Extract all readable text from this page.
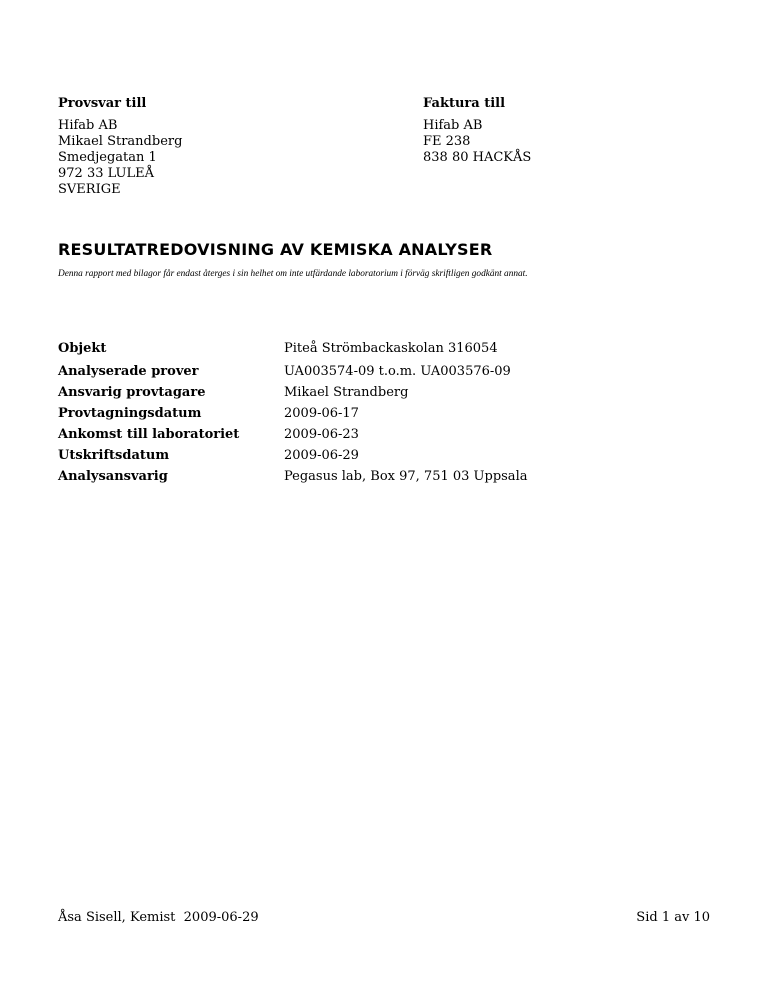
Provsvar till
Hifab AB
Mikael Strandberg
Smedjegatan 1
972 33 LULEÅ
SVERIGE
Faktura till
Hifab AB
FE 238
838 80 HACKÅS
RESULTATREDOVISNING AV KEMISKA ANALYSER
Denna rapport med bilagor får endast återges i sin helhet om inte utfärdande laboratorium i förväg skriftligen godkänt annat.
Objekt	Piteå Strömbackaskolan 316054
Analyserade prover	UA003574-09 t.o.m. UA003576-09
Ansvarig provtagare	Mikael Strandberg
Provtagningsdatum	2009-06-17
Ankomst till laboratoriet	2009-06-23
Utskriftsdatum	2009-06-29
Analysansvarig	Pegasus lab, Box 97, 751 03 Uppsala
Åsa Sisell, Kemist  2009-06-29	Sid 1 av 10
